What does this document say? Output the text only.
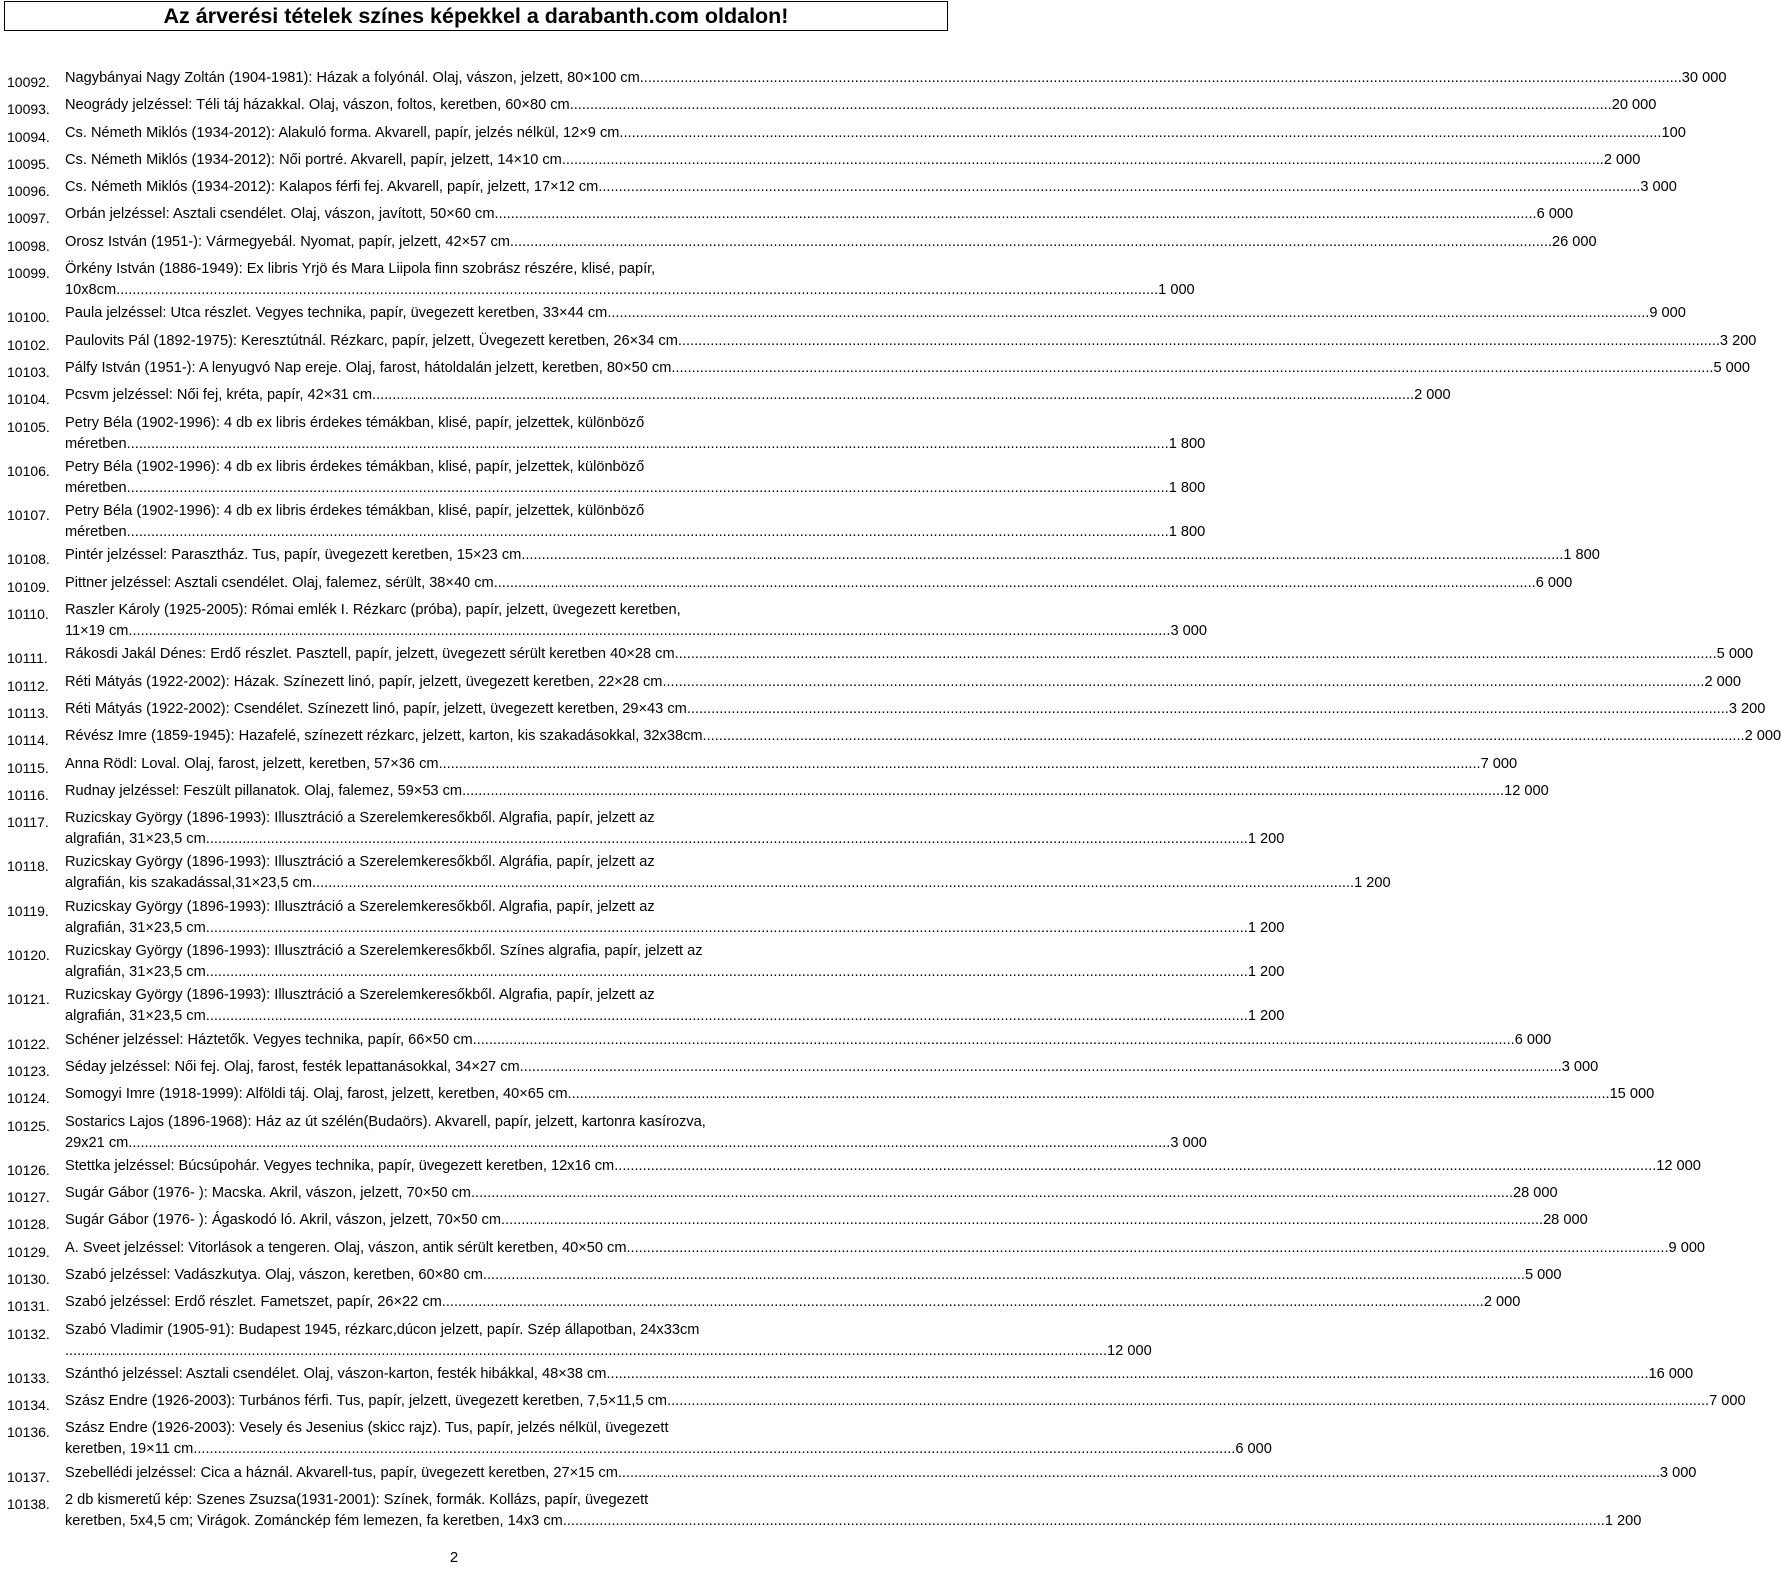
Az árverési tételek színes képekkel a darabanth.com oldalon!
10092.	Nagybányai Nagy Zoltán (1904-1981): Házak a folyónál. Olaj, vászon, jelzett, 80×100 cm .....	30 000
10093.	Neogrády jelzéssel: Téli táj házakkal. Olaj, vászon, foltos, keretben, 60×80 cm .....	20 000
10094.	Cs. Németh Miklós (1934-2012): Alakuló forma. Akvarell, papír, jelzés nélkül, 12×9 cm .....	100
10095.	Cs. Németh Miklós (1934-2012): Női portré. Akvarell, papír, jelzett, 14×10 cm .....	2 000
10096.	Cs. Németh Miklós (1934-2012): Kalapos férfi fej. Akvarell, papír, jelzett, 17×12 cm .....	3 000
10097.	Orbán jelzéssel: Asztali csendélet. Olaj, vászon, javított, 50×60 cm .....	6 000
10098.	Orosz István (1951-): Vármegyebál. Nyomat, papír, jelzett, 42×57 cm .....	26 000
10099.	Örkény István (1886-1949): Ex libris Yrjö és Mara Liipola finn szobrász részére, klisé, papír,
10x8cm .....	1 000
10100.	Paula jelzéssel: Utca részlet. Vegyes technika, papír, üvegezett keretben, 33×44 cm .....	9 000
10102.	Paulovits Pál (1892-1975): Keresztútnál. Rézkarc, papír, jelzett, Üvegezett keretben, 26×34 cm .....	3 200
10103.	Pálfy István (1951-): A lenyugvó Nap ereje. Olaj, farost, hátoldalán jelzett, keretben, 80×50 cm .....	5 000
10104.	Pcsvm jelzéssel: Női fej, kréta, papír, 42×31 cm .....	2 000
10105.	Petry Béla (1902-1996): 4 db ex libris érdekes témákban, klisé, papír, jelzettek, különböző
méretben .....	1 800
10106.	Petry Béla (1902-1996): 4 db ex libris érdekes témákban, klisé, papír, jelzettek, különböző
méretben .....	1 800
10107.	Petry Béla (1902-1996): 4 db ex libris érdekes témákban, klisé, papír, jelzettek, különböző
méretben .....	1 800
10108.	Pintér jelzéssel: Parasztház. Tus, papír, üvegezett keretben, 15×23 cm .....	1 800
10109.	Pittner jelzéssel: Asztali csendélet. Olaj, falemez, sérült, 38×40 cm .....	6 000
10110.	Raszler Károly (1925-2005): Római emlék I. Rézkarc (próba), papír, jelzett, üvegezett keretben,
11×19 cm .....	3 000
10111.	Rákosdi Jakál Dénes: Erdő részlet. Pasztell, papír, jelzett, üvegezett sérült keretben 40×28 cm .....	5 000
10112.	Réti Mátyás (1922-2002): Házak. Színezett linó, papír, jelzett, üvegezett keretben, 22×28 cm .....	2 000
10113.	Réti Mátyás (1922-2002): Csendélet. Színezett linó, papír, jelzett, üvegezett keretben, 29×43 cm .....	3 200
10114.	Révész Imre (1859-1945): Hazafelé, színezett rézkarc, jelzett, karton, kis szakadásokkal, 32x38cm .....	2 000
10115.	Anna Rödl: Loval. Olaj, farost, jelzett, keretben, 57×36 cm .....	7 000
10116.	Rudnay jelzéssel: Feszült pillanatok. Olaj, falemez, 59×53 cm .....	12 000
10117.	Ruzicskay György (1896-1993): Illusztráció a Szerelemkeresőkből. Algrafia, papír, jelzett az
algrafián, 31×23,5 cm .....	1 200
10118.	Ruzicskay György (1896-1993): Illusztráció a Szerelemkeresőkből. Algráfia, papír, jelzett az
algrafián, kis szakadással,31×23,5 cm .....	1 200
10119.	Ruzicskay György (1896-1993): Illusztráció a Szerelemkeresőkből. Algrafia, papír, jelzett az
algrafián, 31×23,5 cm .....	1 200
10120.	Ruzicskay György (1896-1993): Illusztráció a Szerelemkeresőkből. Színes algrafia, papír, jelzett az
algrafián, 31×23,5 cm .....	1 200
10121.	Ruzicskay György (1896-1993): Illusztráció a Szerelemkeresőkből. Algrafia, papír, jelzett az
algrafián, 31×23,5 cm .....	1 200
10122.	Schéner jelzéssel: Háztetők. Vegyes technika, papír, 66×50 cm .....	6 000
10123.	Séday jelzéssel: Női fej. Olaj, farost, festék lepattanásokkal, 34×27 cm .....	3 000
10124.	Somogyi Imre (1918-1999): Alföldi táj. Olaj, farost, jelzett, keretben, 40×65 cm .....	15 000
10125.	Sostarics Lajos (1896-1968): Ház az út szélén(Budaörs). Akvarell, papír, jelzett, kartonra kasírozva,
29x21 cm .....	3 000
10126.	Stettka jelzéssel: Búcsúpohár. Vegyes technika, papír, üvegezett keretben, 12x16 cm .....	12 000
10127.	Sugár Gábor (1976- ): Macska. Akril, vászon, jelzett, 70×50 cm .....	28 000
10128.	Sugár Gábor (1976- ): Ágaskodó ló. Akril, vászon, jelzett, 70×50 cm .....	28 000
10129.	A. Sveet jelzéssel: Vitorlások a tengeren. Olaj, vászon, antik sérült keretben, 40×50 cm .....	9 000
10130.	Szabó jelzéssel: Vadászkutya. Olaj, vászon, keretben, 60×80 cm .....	5 000
10131.	Szabó jelzéssel: Erdő részlet. Fametszet, papír, 26×22 cm .....	2 000
10132.	Szabó Vladimir (1905-91): Budapest 1945, rézkarc,dúcon jelzett, papír. Szép állapotban, 24x33cm
.....
12 000
10133.	Szánthó jelzéssel: Asztali csendélet. Olaj, vászon-karton, festék hibákkal, 48×38 cm .....	16 000
10134.	Szász Endre (1926-2003): Turbános férfi. Tus, papír, jelzett, üvegezett keretben, 7,5×11,5 cm .....	7 000
10136.	Szász Endre (1926-2003): Vesely és Jesenius (skicc rajz). Tus, papír, jelzés nélkül, üvegezett
keretben, 19×11 cm .....	6 000
10137.	Szebellédi jelzéssel: Cica a háznál. Akvarell-tus, papír, üvegezett keretben, 27×15 cm .....	3 000
10138.	2 db kismeretű kép: Szenes Zsuzsa(1931-2001): Színek, formák. Kollázs, papír, üvegezett
keretben, 5x4,5 cm; Virágok. Zománckép fém lemezen, fa keretben, 14x3 cm .....	1 200
2
